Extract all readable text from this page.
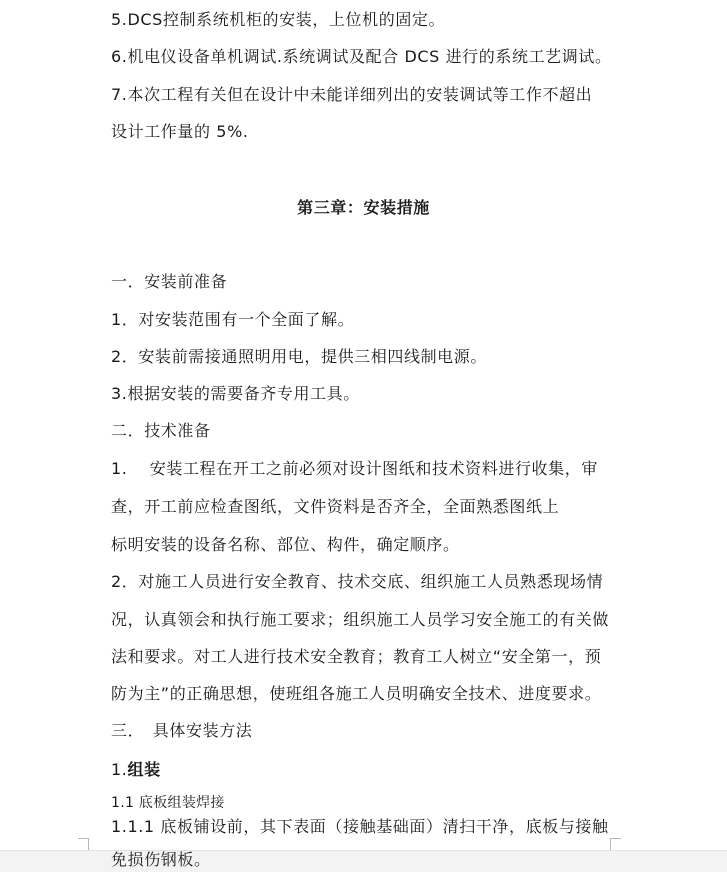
5.DCS控制系统机柜的安装，上位机的固定。
6.机电仪设备单机调试.系统调试及配合 DCS 进行的系统工艺调试。
7.本次工程有关但在设计中未能详细列出的安装调试等工作不超出
设计工作量的 5%.
第三章：安装措施
一．安装前准备
1．对安装范围有一个全面了解。
2．安装前需接通照明用电，提供三相四线制电源。
3.根据安装的需要备齐专用工具。
二．技术准备
1.　 安装工程在开工之前必须对设计图纸和技术资料进行收集，审
查，开工前应检查图纸，文件资料是否齐全，全面熟悉图纸上
标明安装的设备名称、部位、构件，确定顺序。
2．对施工人员进行安全教育、技术交底、组织施工人员熟悉现场情
况，认真领会和执行施工要求；组织施工人员学习安全施工的有关做
法和要求。对工人进行技术安全教育；教育工人树立“安全第一，预
防为主”的正确思想，使班组各施工人员明确安全技术、进度要求。
三．　具体安装方法
1.组装
1.1 底板组装焊接
1.1.1 底板铺设前，其下表面（接触基础面）清扫干净，底板与接触
免损伤钢板。
